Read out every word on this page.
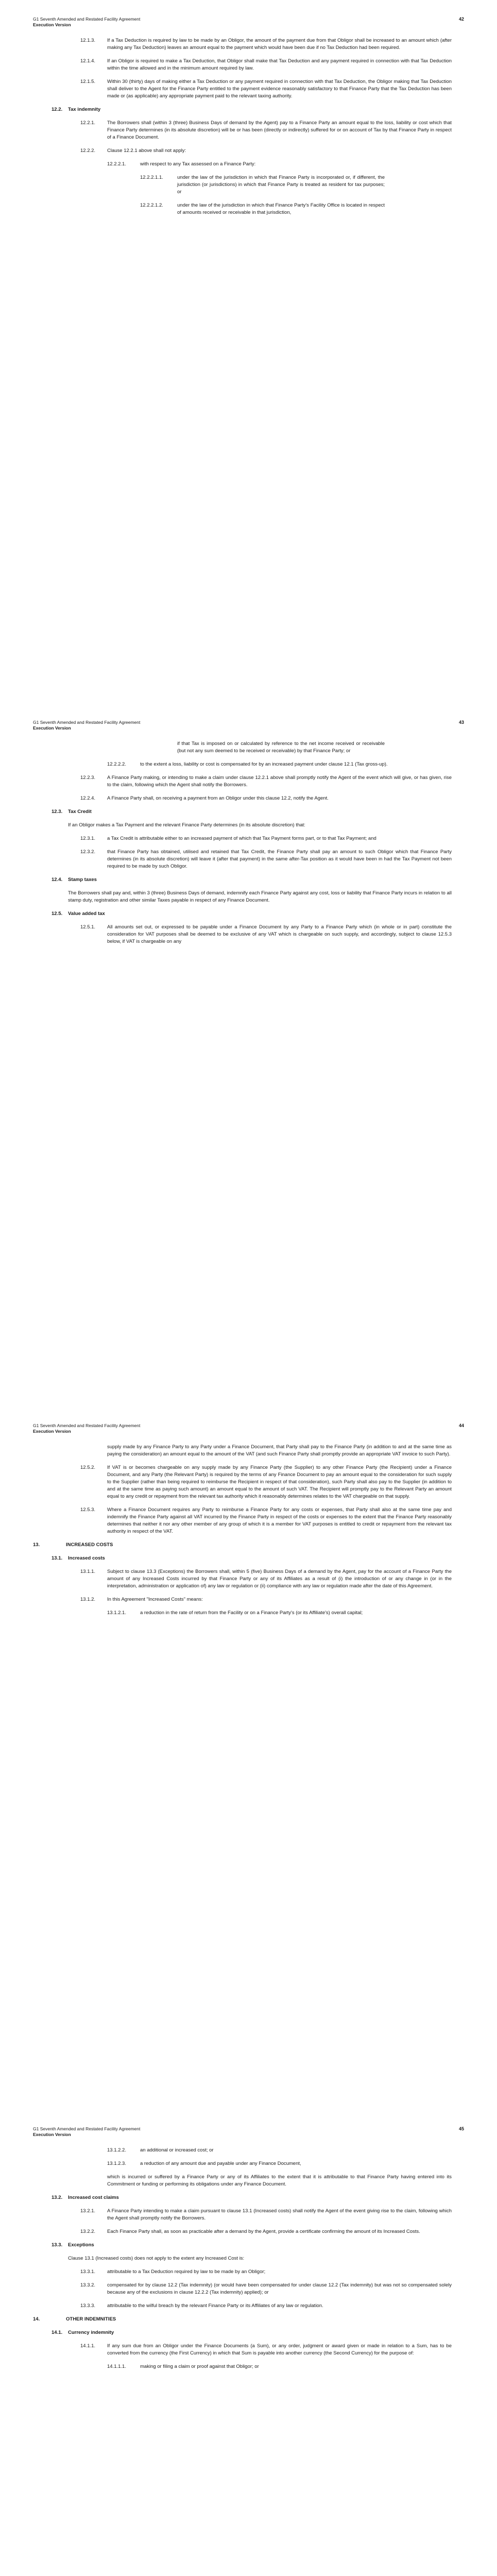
G1 Seventh Amended and Restated Facility Agreement
Execution Version
42
12.1.3. If a Tax Deduction is required by law to be made by an Obligor, the amount of the payment due from that Obligor shall be increased to an amount which (after making any Tax Deduction) leaves an amount equal to the payment which would have been due if no Tax Deduction had been required.
12.1.4. If an Obligor is required to make a Tax Deduction, that Obligor shall make that Tax Deduction and any payment required in connection with that Tax Deduction within the time allowed and in the minimum amount required by law.
12.1.5. Within 30 (thirty) days of making either a Tax Deduction or any payment required in connection with that Tax Deduction, the Obligor making that Tax Deduction shall deliver to the Agent for the Finance Party entitled to the payment evidence reasonably satisfactory to that Finance Party that the Tax Deduction has been made or (as applicable) any appropriate payment paid to the relevant taxing authority.
12.2. Tax indemnity
12.2.1. The Borrowers shall (within 3 (three) Business Days of demand by the Agent) pay to a Finance Party an amount equal to the loss, liability or cost which that Finance Party determines (in its absolute discretion) will be or has been (directly or indirectly) suffered for or on account of Tax by that Finance Party in respect of a Finance Document.
12.2.2. Clause 12.2.1 above shall not apply:
12.2.2.1.	with respect to any Tax assessed on a Finance Party:
12.2.2.1.1.	under the law of the jurisdiction in which that Finance Party is incorporated or, if different, the jurisdiction (or jurisdictions) in which that Finance Party is treated as resident for tax purposes; or
12.2.2.1.2.	under the law of the jurisdiction in which that Finance Party's Facility Office is located in respect of amounts received or receivable in that jurisdiction,
G1 Seventh Amended and Restated Facility Agreement
Execution Version
43
if that Tax is imposed on or calculated by reference to the net income received or receivable (but not any sum deemed to be received or receivable) by that Finance Party; or
12.2.2.2.	to the extent a loss, liability or cost is compensated for by an increased payment under clause 12.1 (Tax gross-up).
12.2.3. A Finance Party making, or intending to make a claim under clause 12.2.1 above shall promptly notify the Agent of the event which will give, or has given, rise to the claim, following which the Agent shall notify the Borrowers.
12.2.4. A Finance Party shall, on receiving a payment from an Obligor under this clause 12.2, notify the Agent.
12.3. Tax Credit
If an Obligor makes a Tax Payment and the relevant Finance Party determines (in its absolute discretion) that:
12.3.1. a Tax Credit is attributable either to an increased payment of which that Tax Payment forms part, or to that Tax Payment; and
12.3.2. that Finance Party has obtained, utilised and retained that Tax Credit, the Finance Party shall pay an amount to such Obligor which that Finance Party determines (in its absolute discretion) will leave it (after that payment) in the same after-Tax position as it would have been in had the Tax Payment not been required to be made by such Obligor.
12.4. Stamp taxes
The Borrowers shall pay and, within 3 (three) Business Days of demand, indemnify each Finance Party against any cost, loss or liability that Finance Party incurs in relation to all stamp duty, registration and other similar Taxes payable in respect of any Finance Document.
12.5. Value added tax
12.5.1. All amounts set out, or expressed to be payable under a Finance Document by any Party to a Finance Party which (in whole or in part) constitute the consideration for VAT purposes shall be deemed to be exclusive of any VAT which is chargeable on such supply, and accordingly, subject to clause 12.5.3 below, if VAT is chargeable on any
G1 Seventh Amended and Restated Facility Agreement
Execution Version
44
supply made by any Finance Party to any Party under a Finance Document, that Party shall pay to the Finance Party (in addition to and at the same time as paying the consideration) an amount equal to the amount of the VAT (and such Finance Party shall promptly provide an appropriate VAT invoice to such Party).
12.5.2. If VAT is or becomes chargeable on any supply made by any Finance Party (the Supplier) to any other Finance Party (the Recipient) under a Finance Document, and any Party (the Relevant Party) is required by the terms of any Finance Document to pay an amount equal to the consideration for such supply to the Supplier (rather than being required to reimburse the Recipient in respect of that consideration), such Party shall also pay to the Supplier (in addition to and at the same time as paying such amount) an amount equal to the amount of such VAT. The Recipient will promptly pay to the Relevant Party an amount equal to any credit or repayment from the relevant tax authority which it reasonably determines relates to the VAT chargeable on that supply.
12.5.3. Where a Finance Document requires any Party to reimburse a Finance Party for any costs or expenses, that Party shall also at the same time pay and indemnify the Finance Party against all VAT incurred by the Finance Party in respect of the costs or expenses to the extent that the Finance Party reasonably determines that neither it nor any other member of any group of which it is a member for VAT purposes is entitled to credit or repayment from the relevant tax authority in respect of the VAT.
13.	INCREASED COSTS
13.1. Increased costs
13.1.1. Subject to clause 13.3 (Exceptions) the Borrowers shall, within 5 (five) Business Days of a demand by the Agent, pay for the account of a Finance Party the amount of any Increased Costs incurred by that Finance Party or any of its Affiliates as a result of (i) the introduction of or any change in (or in the interpretation, administration or application of) any law or regulation or (ii) compliance with any law or regulation made after the date of this Agreement.
13.1.2. In this Agreement "Increased Costs" means:
13.1.2.1.	a reduction in the rate of return from the Facility or on a Finance Party's (or its Affiliate's) overall capital;
G1 Seventh Amended and Restated Facility Agreement
Execution Version
45
13.1.2.2.	an additional or increased cost; or
13.1.2.3.	a reduction of any amount due and payable under any Finance Document,
which is incurred or suffered by a Finance Party or any of its Affiliates to the extent that it is attributable to that Finance Party having entered into its Commitment or funding or performing its obligations under any Finance Document.
13.2. Increased cost claims
13.2.1. A Finance Party intending to make a claim pursuant to clause 13.1 (Increased costs) shall notify the Agent of the event giving rise to the claim, following which the Agent shall promptly notify the Borrowers.
13.2.2. Each Finance Party shall, as soon as practicable after a demand by the Agent, provide a certificate confirming the amount of its Increased Costs.
13.3. Exceptions
Clause 13.1 (Increased costs) does not apply to the extent any Increased Cost is:
13.3.1. attributable to a Tax Deduction required by law to be made by an Obligor;
13.3.2. compensated for by clause 12.2 (Tax indemnity) (or would have been compensated for under clause 12.2 (Tax indemnity) but was not so compensated solely because any of the exclusions in clause 12.2.2 (Tax indemnity) applied); or
13.3.3. attributable to the wilful breach by the relevant Finance Party or its Affiliates of any law or regulation.
14.	OTHER INDEMNITIES
14.1. Currency indemnity
14.1.1. If any sum due from an Obligor under the Finance Documents (a Sum), or any order, judgment or award given or made in relation to a Sum, has to be converted from the currency (the First Currency) in which that Sum is payable into another currency (the Second Currency) for the purpose of:
14.1.1.1.	making or filing a claim or proof against that Obligor; or
